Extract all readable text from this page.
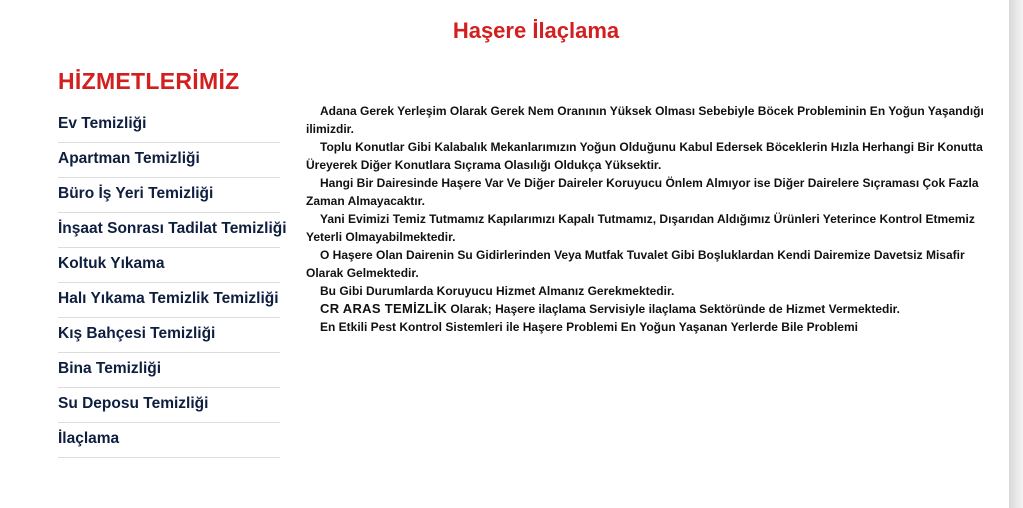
Haşere İlaçlama
HİZMETLERİMİZ
Ev Temizliği
Apartman Temizliği
Büro İş Yeri Temizliği
İnşaat Sonrası Tadilat Temizliği
Koltuk Yıkama
Halı Yıkama Temizlik Temizliği
Kış Bahçesi Temizliği
Bina Temizliği
Su Deposu Temizliği
İlaçlama

Adana Gerek Yerleşim Olarak Gerek Nem Oranının Yüksek Olması Sebebiyle Böcek Probleminin En Yoğun Yaşandığı ilimizdir.

Toplu Konutlar Gibi Kalabalık Mekanlarımızın Yoğun Olduğunu Kabul Edersek Böceklerin Hızla Herhangi Bir Konutta Üreyerek Diğer Konutlara Sıçrama Olasılığı Oldukça Yüksektir.

Hangi Bir Dairesinde Haşere Var Ve Diğer Daireler Koruyucu Önlem Almıyor ise Diğer Dairelere Sıçraması Çok Fazla Zaman Almayacaktır.

Yani Evimizi Temiz Tutmamız Kapılarımızı Kapalı Tutmamız, Dışarıdan Aldığımız Ürünleri Yeterince Kontrol Etmemiz Yeterli Olmayabilmektedir.

O Haşere Olan Dairenin Su Gidirlerinden Veya Mutfak Tuvalet Gibi Boşluklardan Kendi Dairemize Davetsiz Misafir Olarak Gelmektedir.

Bu Gibi Durumlarda Koruyucu Hizmet Almanız Gerekmektedir.

CR ARAS TEMİZLİK Olarak; Haşere ilaçlama Servisiyle ilaçlama Sektöründe de Hizmet Vermektedir.

En Etkili Pest Kontrol Sistemleri ile Haşere Problemi En Yoğun Yaşanan Yerlerde Bile Problemi
